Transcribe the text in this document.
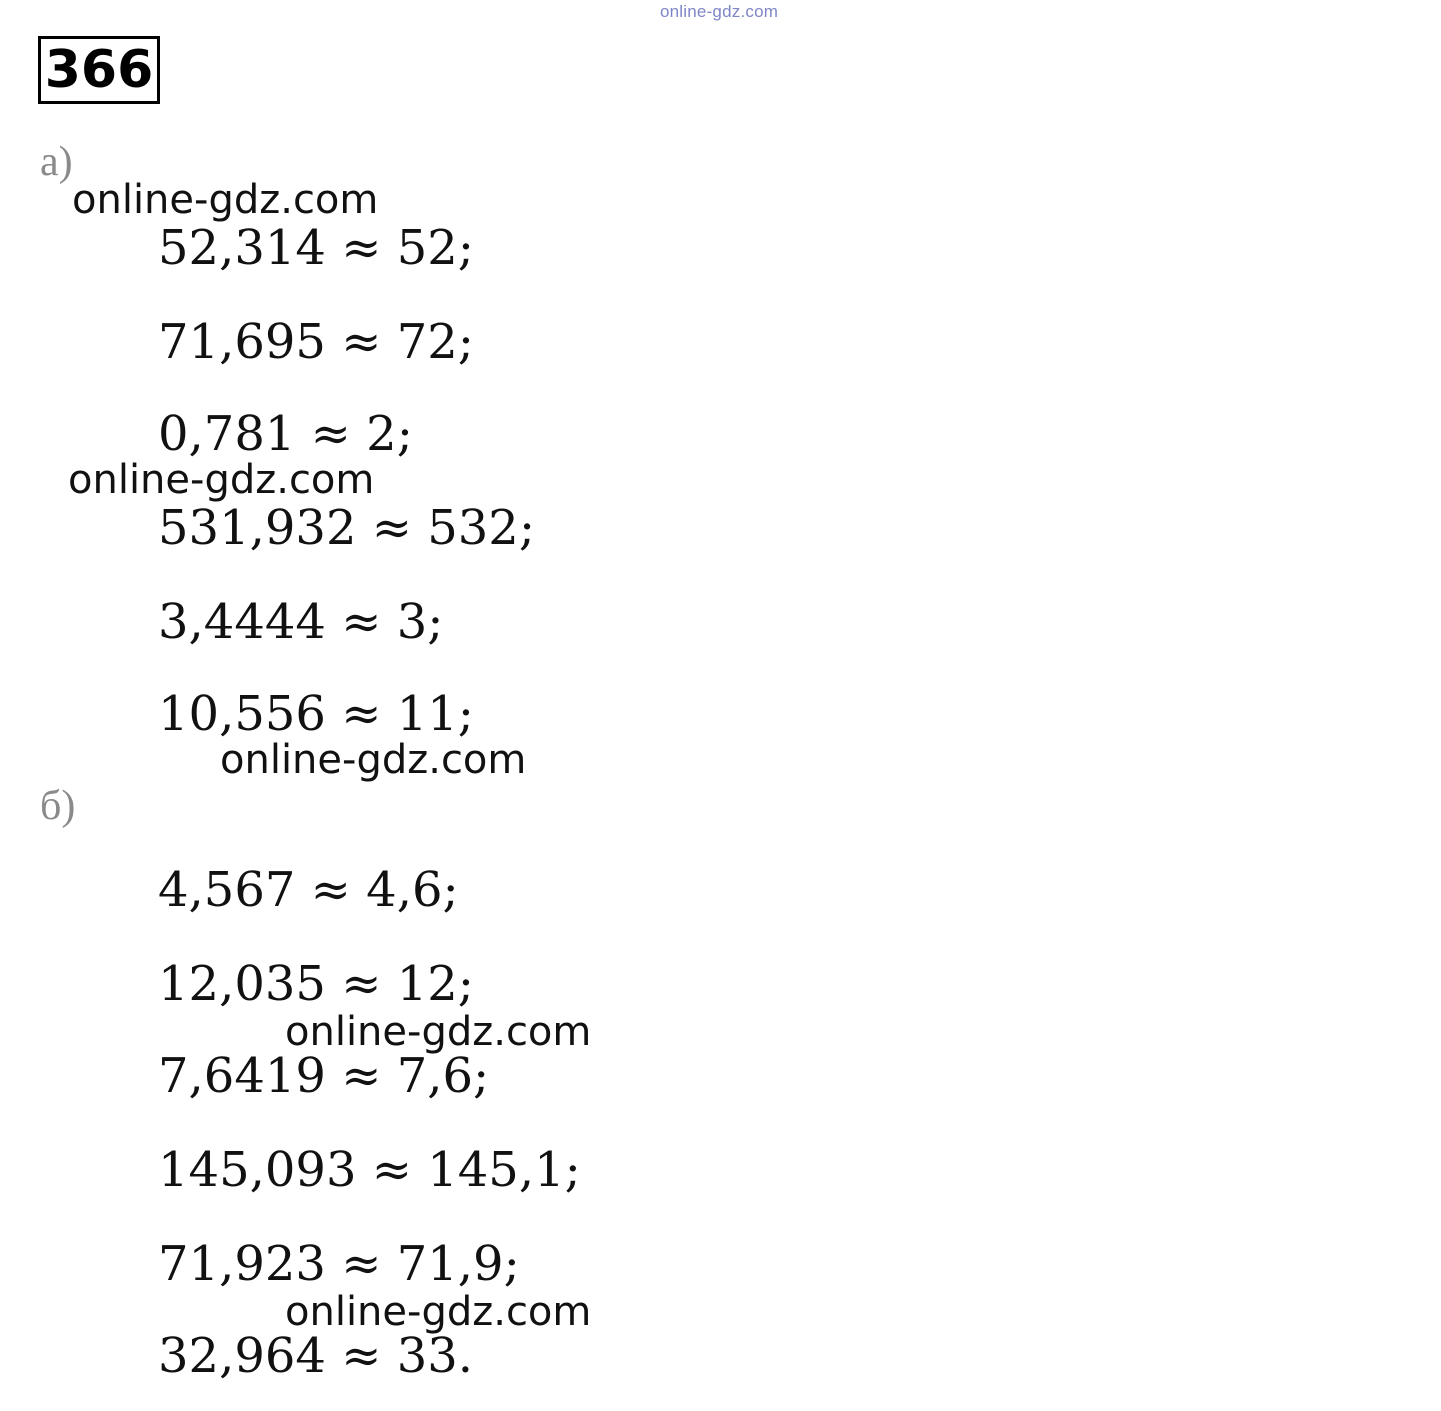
online-gdz.com
366
а)
52,314 ≈ 52;
71,695 ≈ 72;
0,781 ≈ 2;
531,932 ≈ 532;
3,4444 ≈ 3;
10,556 ≈ 11;
б)
4,567 ≈ 4,6;
12,035 ≈ 12;
7,6419 ≈ 7,6;
145,093 ≈ 145,1;
71,923 ≈ 71,9;
32,964 ≈ 33.
online-gdz.com
online-gdz.com
online-gdz.com
online-gdz.com
online-gdz.com
